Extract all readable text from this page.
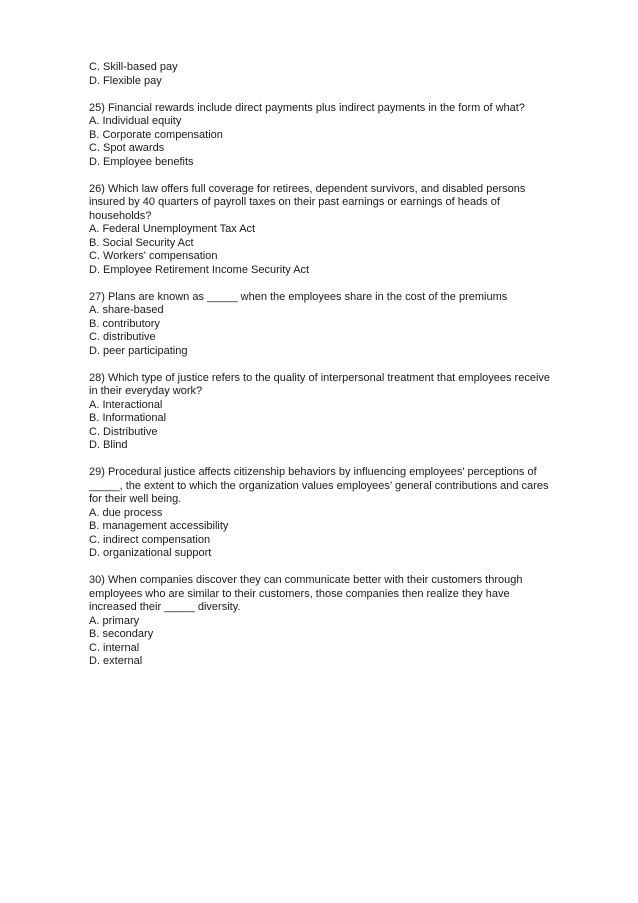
C. Skill-based pay
D. Flexible pay
25) Financial rewards include direct payments plus indirect payments in the form of what?
A. Individual equity
B. Corporate compensation
C. Spot awards
D. Employee benefits
26) Which law offers full coverage for retirees, dependent survivors, and disabled persons
insured by 40 quarters of payroll taxes on their past earnings or earnings of heads of
households?
A. Federal Unemployment Tax Act
B. Social Security Act
C. Workers' compensation
D. Employee Retirement Income Security Act
27) Plans are known as _____ when the employees share in the cost of the premiums
A. share-based
B. contributory
C. distributive
D. peer participating
28) Which type of justice refers to the quality of interpersonal treatment that employees receive
in their everyday work?
A. Interactional
B. Informational
C. Distributive
D. Blind
29) Procedural justice affects citizenship behaviors by influencing employees' perceptions of
_____, the extent to which the organization values employees’ general contributions and cares
for their well being.
A. due process
B. management accessibility
C. indirect compensation
D. organizational support
30) When companies discover they can communicate better with their customers through
employees who are similar to their customers, those companies then realize they have
increased their _____ diversity.
A. primary
B. secondary
C. internal
D. external
